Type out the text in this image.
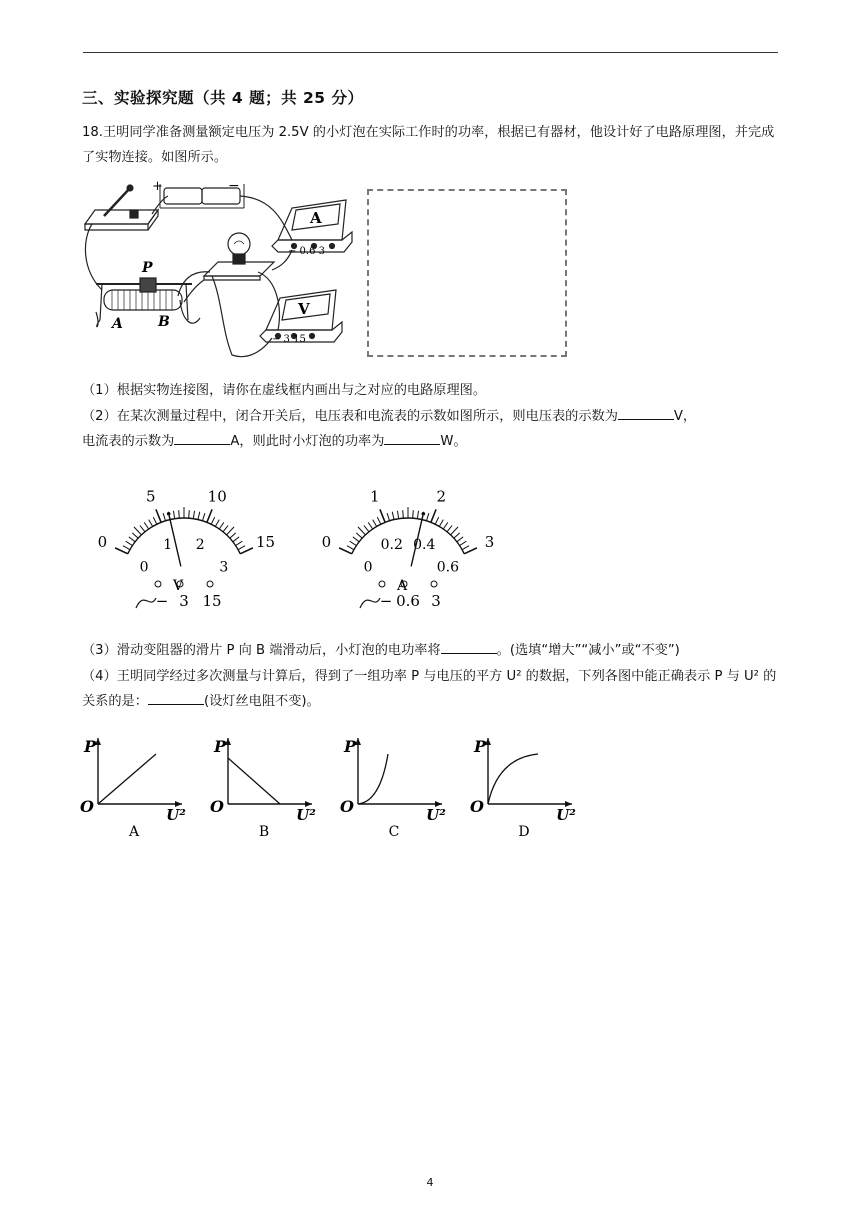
三、实验探究题（共 4 题；共 25 分）
18.王明同学准备测量额定电压为 2.5V 的小灯泡在实际工作时的功率，根据已有器材，他设计好了电路原理图，并完成了实物连接。如图所示。
+	−
A
− 0.6 3
V
− 3 15
P
A	B
（1）根据实物连接图，请你在虚线框内画出与之对应的电路原理图。
（2）在某次测量过程中，闭合开关后，电压表和电流表的示数如图所示，则电压表的示数为	V，
电流表的示数为	A，则此时小灯泡的功率为	W。
0
5	10
15
0
1 2
3
V
− 3 15
0
1	2
3
0
0.2 0.4
0.6
A
− 0.6 3
（3）滑动变阻器的滑片 P 向 B 端滑动后，小灯泡的电功率将	。(选填“增大”“减小”或“不变”)
（4）王明同学经过多次测量与计算后，得到了一组功率 P 与电压的平方 U² 的数据，下列各图中能正确表示 P 与 U² 的关系的是：	(设灯丝电阻不变)。
P
O	U²
A
P
O	U²
B
P
O	U²
C
P
O	U²
D
4
